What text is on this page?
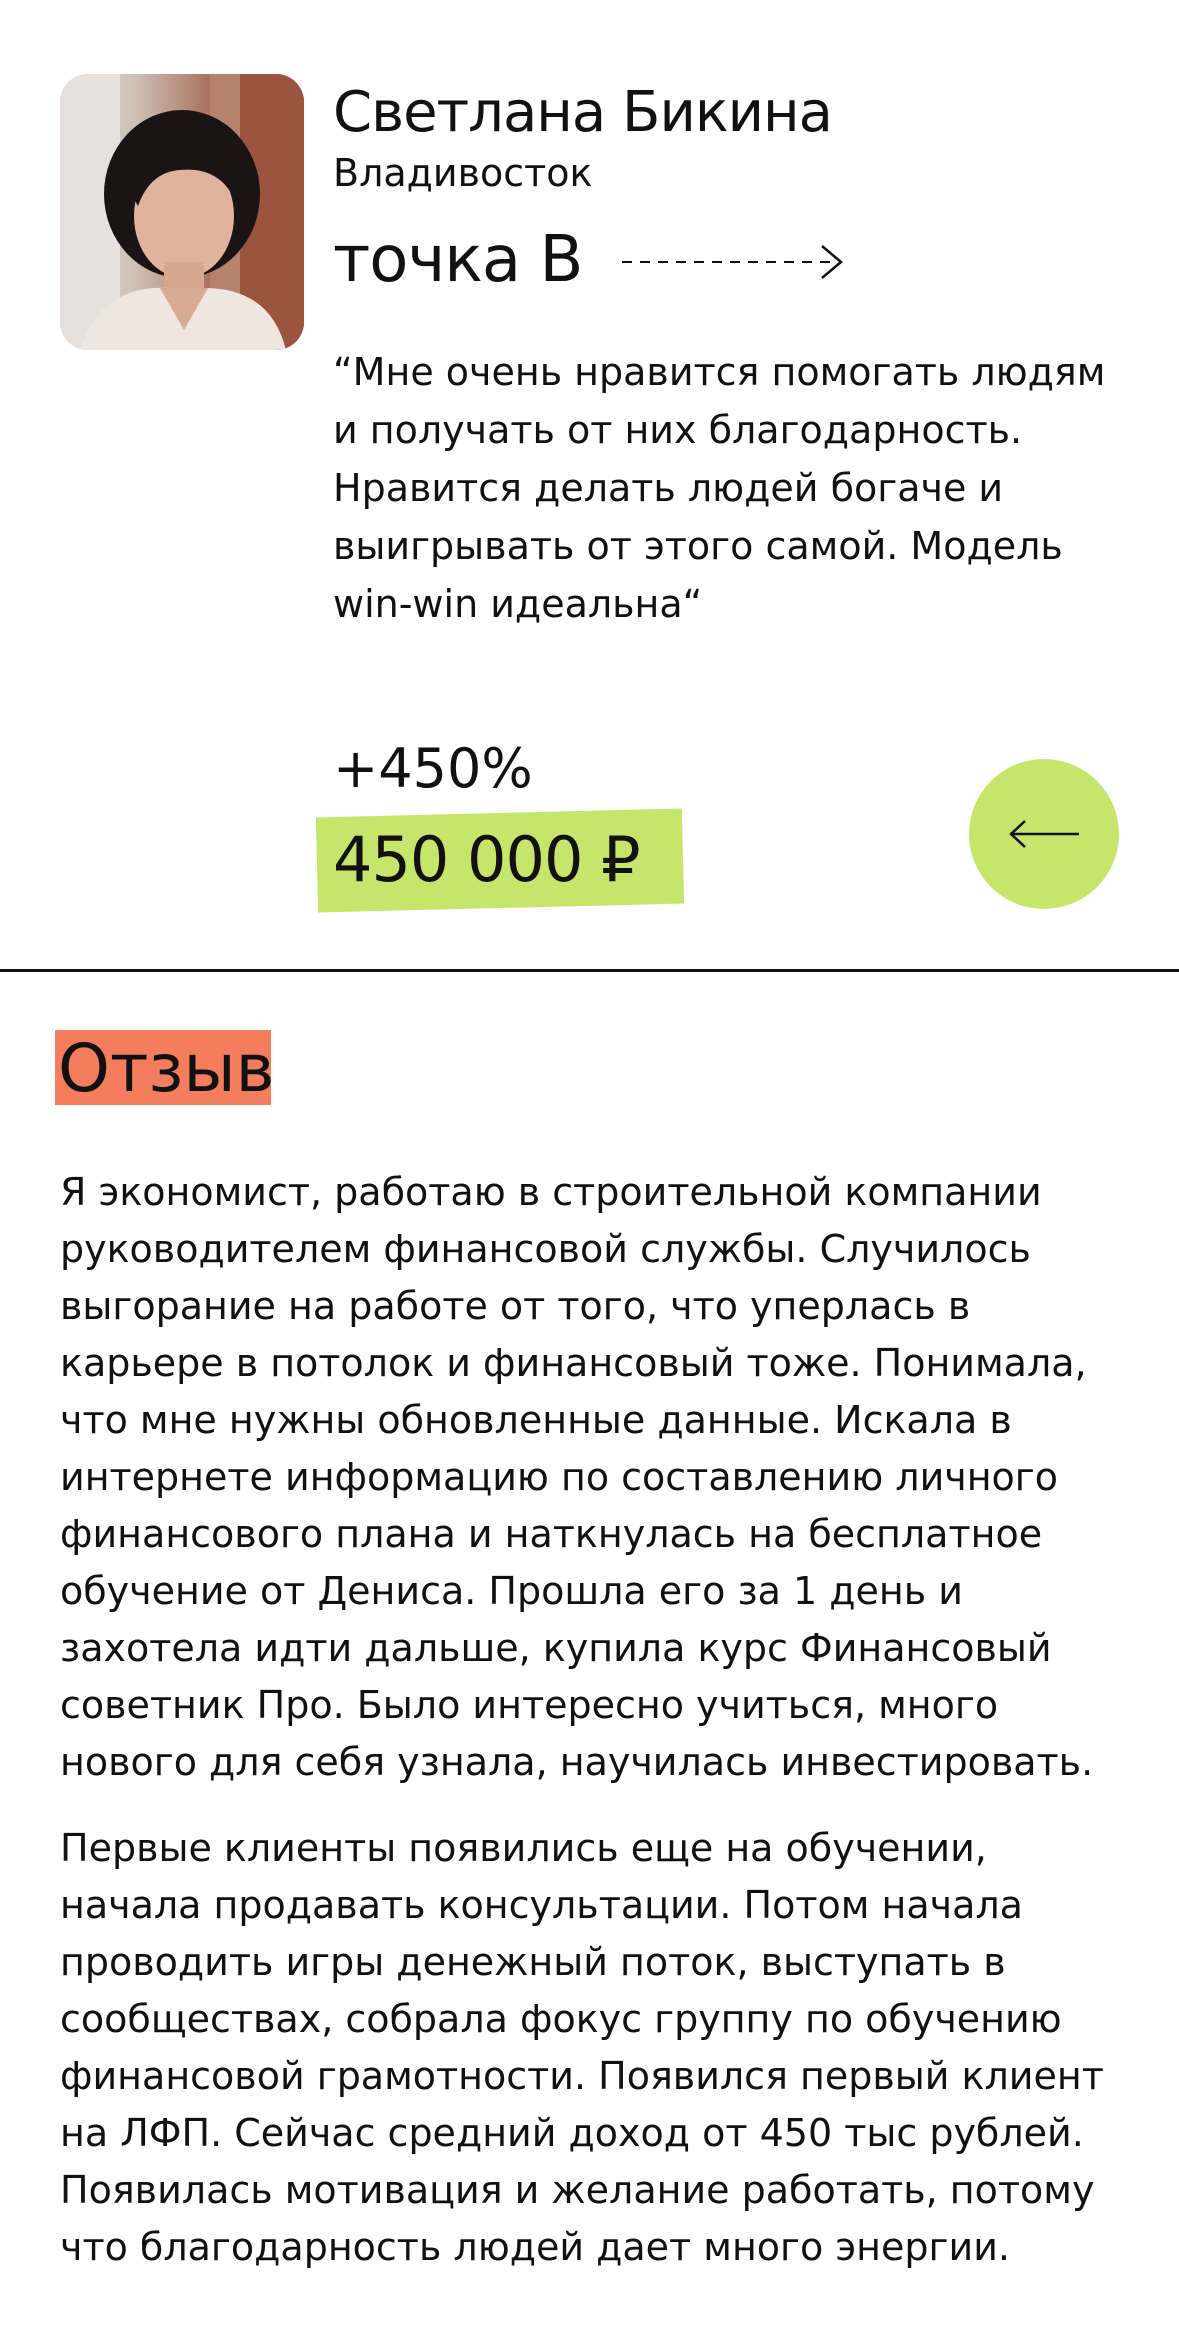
Светлана Бикина
Владивосток
точка В

“Мне очень нравится помогать людям и получать от них благодарность. Нравится делать людей богаче и выигрывать от этого самой. Модель win-win идеальна“

+450%
450 000 ₽
Отзыв

Я экономист, работаю в строительной компании руководителем финансовой службы. Случилось выгорание на работе от того, что уперлась в карьере в потолок и финансовый тоже. Понимала, что мне нужны обновленные данные. Искала в интернете информацию по составлению личного финансового плана и наткнулась на бесплатное обучение от Дениса. Прошла его за 1 день и захотела идти дальше, купила курс Финансовый советник Про. Было интересно учиться, много нового для себя узнала, научилась инвестировать.

Первые клиенты появились еще на обучении, начала продавать консультации. Потом начала проводить игры денежный поток, выступать в сообществах, собрала фокус группу по обучению финансовой грамотности. Появился первый клиент на ЛФП. Сейчас средний доход от 450 тыс рублей. Появилась мотивация и желание работать, потому что благодарность людей дает много энергии.
